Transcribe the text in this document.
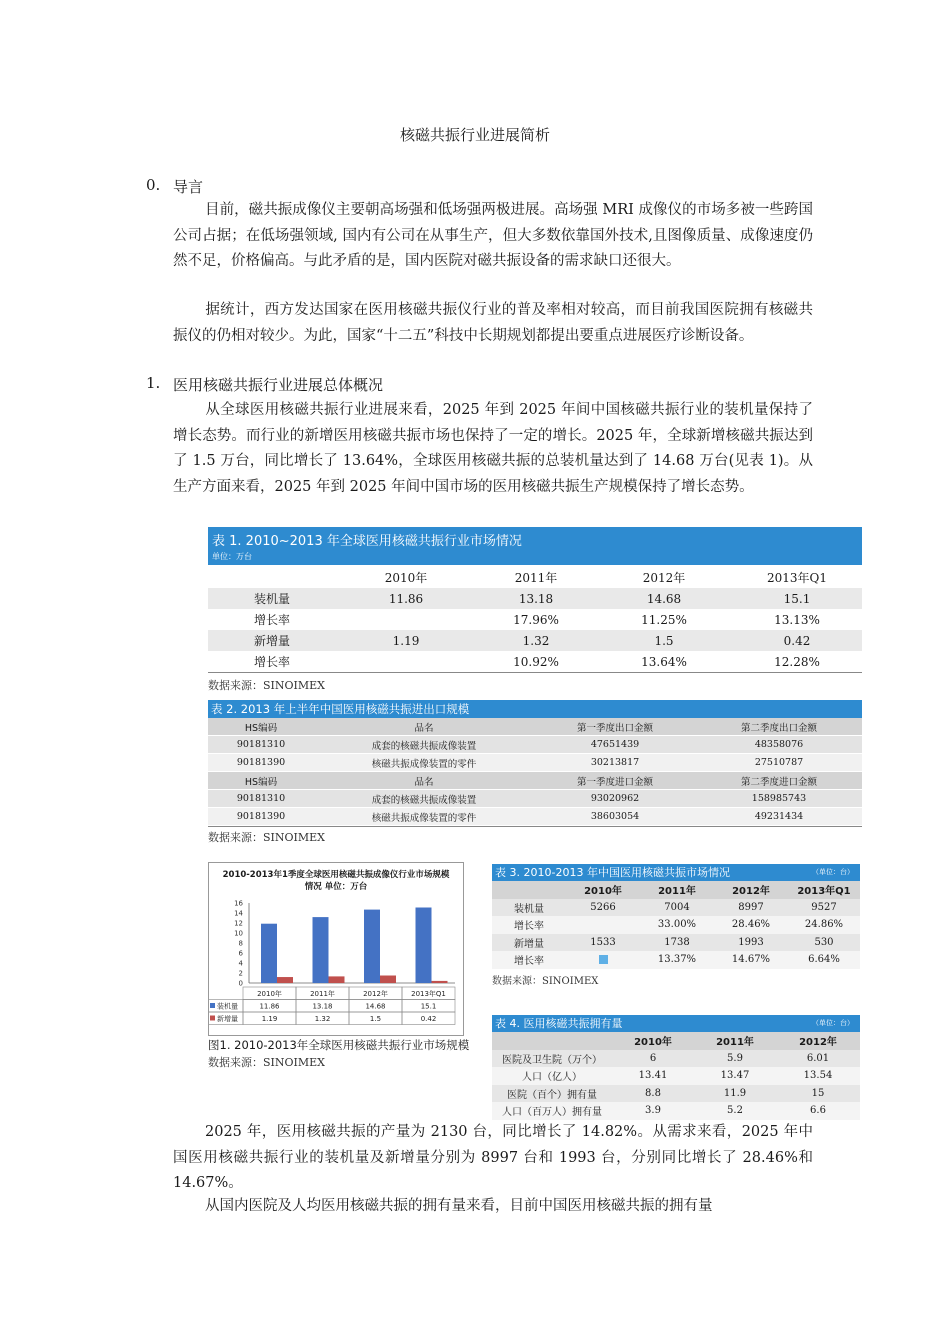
核磁共振行业进展简析
0. 导言
目前，磁共振成像仪主要朝高场强和低场强两极进展。高场强 MRI 成像仪的市场多被一些跨国公司占据；在低场强领域, 国内有公司在从事生产，但大多数依靠国外技术,且图像质量、成像速度仍然不足，价格偏高。与此矛盾的是，国内医院对磁共振设备的需求缺口还很大。
据统计，西方发达国家在医用核磁共振仪行业的普及率相对较高，而目前我国医院拥有核磁共振仪的仍相对较少。为此，国家“十二五”科技中长期规划都提出要重点进展医疗诊断设备。
1. 医用核磁共振行业进展总体概况
从全球医用核磁共振行业进展来看，2025 年到 2025 年间中国核磁共振行业的装机量保持了增长态势。而行业的新增医用核磁共振市场也保持了一定的增长。2025 年，全球新增核磁共振达到了 1.5 万台，同比增长了 13.64%，全球医用核磁共振的总装机量达到了 14.68 万台(见表 1)。从生产方面来看，2025 年到 2025 年间中国市场的医用核磁共振生产规模保持了增长态势。
表 1. 2010~2013 年全球医用核磁共振行业市场情况
单位：万台
	2010年	2011年	2012年	2013年Q1
装机量	11.86	13.18	14.68	15.1
增长率		17.96%	11.25%	13.13%
新增量	1.19	1.32	1.5	0.42
增长率		10.92%	13.64%	12.28%
数据来源：SINOIMEX
表 2. 2013 年上半年中国医用核磁共振进出口规模
HS编码	品名	第一季度出口金额	第二季度出口金额
90181310	成套的核磁共振成像装置	47651439	48358076
90181390	核磁共振成像装置的零件	30213817	27510787
HS编码	品名	第一季度进口金额	第二季度进口金额
90181310	成套的核磁共振成像装置	93020962	158985743
90181390	核磁共振成像装置的零件	38603054	49231434
数据来源：SINOIMEX
2010-2013年1季度全球医用核磁共振成像仪行业市场规模情况 单位：万台
0
2
4
6
8
10
12
14
16
2010年	2011年	2012年	2013年Q1
装机量	11.86	13.18	14.68	15.1
新增量	1.19	1.32	1.5	0.42
图1. 2010-2013年全球医用核磁共振行业市场规模
数据来源：SINOIMEX
表 3. 2010-2013 年中国医用核磁共振市场情况	（单位：台）
	2010年	2011年	2012年	2013年Q1
装机量	5266	7004	8997	9527
增长率		33.00%	28.46%	24.86%
新增量	1533	1738	1993	530
增长率		13.37%	14.67%	6.64%
数据来源：SINOIMEX
表 4. 医用核磁共振拥有量	（单位：台）
	2010年	2011年	2012年
医院及卫生院（万个）	6	5.9	6.01
人口（亿人）	13.41	13.47	13.54
医院（百个）拥有量	8.8	11.9	15
人口（百万人）拥有量	3.9	5.2	6.6
2025 年，医用核磁共振的产量为 2130 台，同比增长了 14.82%。从需求来看，2025 年中国医用核磁共振行业的装机量及新增量分别为 8997 台和 1993 台，分别同比增长了 28.46%和 14.67%。
从国内医院及人均医用核磁共振的拥有量来看，目前中国医用核磁共振的拥有量
